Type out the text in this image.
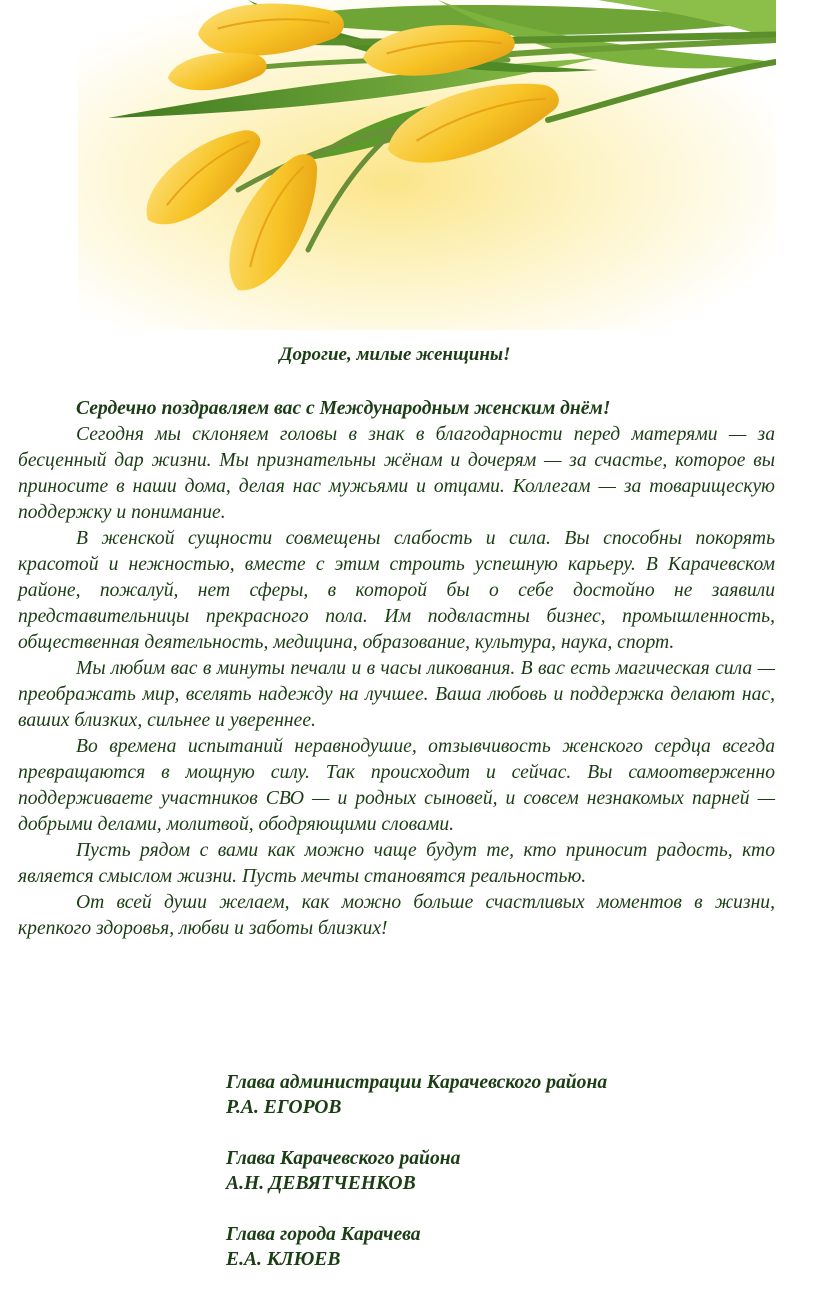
Дорогие, милые женщины!

Сердечно поздравляем вас с Международным женским днём!

Сегодня мы склоняем головы в знак в благодарности перед матерями — за бесценный дар жизни. Мы признательны жёнам и дочерям — за счастье, которое вы приносите в наши дома, делая нас мужьями и отцами. Коллегам — за товарищескую поддержку и понимание.

В женской сущности совмещены слабость и сила. Вы способны покорять красотой и нежностью, вместе с этим строить успешную карьеру. В Карачевском районе, пожалуй, нет сферы, в которой бы о себе достойно не заявили представительницы прекрасного пола. Им подвластны бизнес, промышленность, общественная деятельность, медицина, образование, культура, наука, спорт.

Мы любим вас в минуты печали и в часы ликования. В вас есть магическая сила — преображать мир, вселять надежду на лучшее. Ваша любовь и поддержка делают нас, ваших близких, сильнее и увереннее.

Во времена испытаний неравнодушие, отзывчивость женского сердца всегда превращаются в мощную силу. Так происходит и сейчас. Вы самоотверженно поддерживаете участников СВО — и родных сыновей, и совсем незнакомых парней — добрыми делами, молитвой, ободряющими словами.

Пусть рядом с вами как можно чаще будут те, кто приносит радость, кто является смыслом жизни. Пусть мечты становятся реальностью.

От всей души желаем, как можно больше счастливых моментов в жизни, крепкого здоровья, любви и заботы близких!

Глава администрации Карачевского района
Р.А. ЕГОРОВ
Глава Карачевского района
А.Н. ДЕВЯТЧЕНКОВ
Глава города Карачева
Е.А. КЛЮЕВ
